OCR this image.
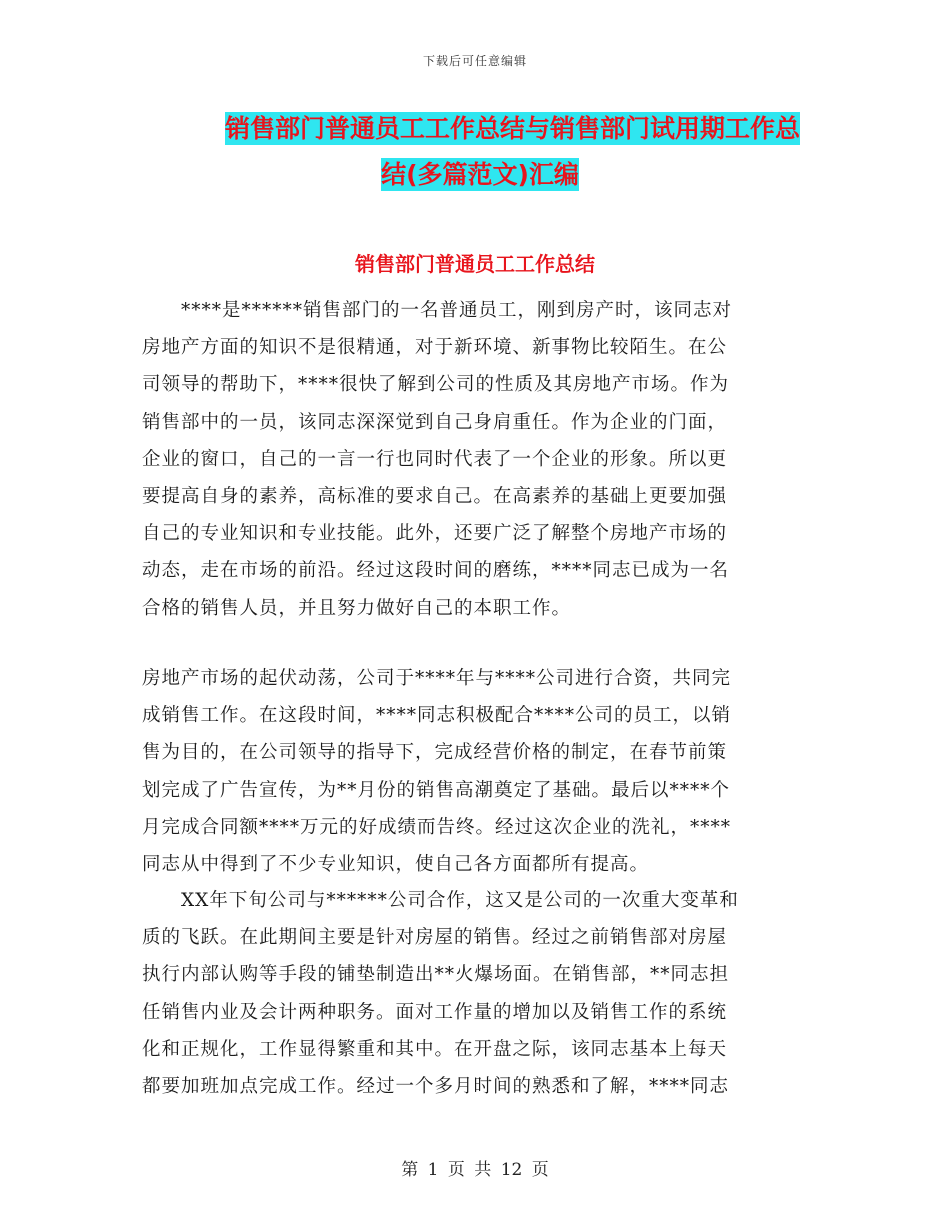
下载后可任意编辑
销售部门普通员工工作总结与销售部门试用期工作总
结(多篇范文)汇编
销售部门普通员工工作总结
　　****是******销售部门的一名普通员工，刚到房产时，该同志对
房地产方面的知识不是很精通，对于新环境、新事物比较陌生。在公
司领导的帮助下，****很快了解到公司的性质及其房地产市场。作为
销售部中的一员，该同志深深觉到自己身肩重任。作为企业的门面，
企业的窗口，自己的一言一行也同时代表了一个企业的形象。所以更
要提高自身的素养，高标准的要求自己。在高素养的基础上更要加强
自己的专业知识和专业技能。此外，还要广泛了解整个房地产市场的
动态，走在市场的前沿。经过这段时间的磨练，****同志已成为一名
合格的销售人员，并且努力做好自己的本职工作。
房地产市场的起伏动荡，公司于****年与****公司进行合资，共同完
成销售工作。在这段时间，****同志积极配合****公司的员工，以销
售为目的，在公司领导的指导下，完成经营价格的制定，在春节前策
划完成了广告宣传，为**月份的销售高潮奠定了基础。最后以****个
月完成合同额****万元的好成绩而告终。经过这次企业的洗礼，****
同志从中得到了不少专业知识，使自己各方面都所有提高。
　　XX年下旬公司与******公司合作，这又是公司的一次重大变革和
质的飞跃。在此期间主要是针对房屋的销售。经过之前销售部对房屋
执行内部认购等手段的铺垫制造出**火爆场面。在销售部，**同志担
任销售内业及会计两种职务。面对工作量的增加以及销售工作的系统
化和正规化，工作显得繁重和其中。在开盘之际，该同志基本上每天
都要加班加点完成工作。经过一个多月时间的熟悉和了解，****同志
第 1 页 共 12 页
